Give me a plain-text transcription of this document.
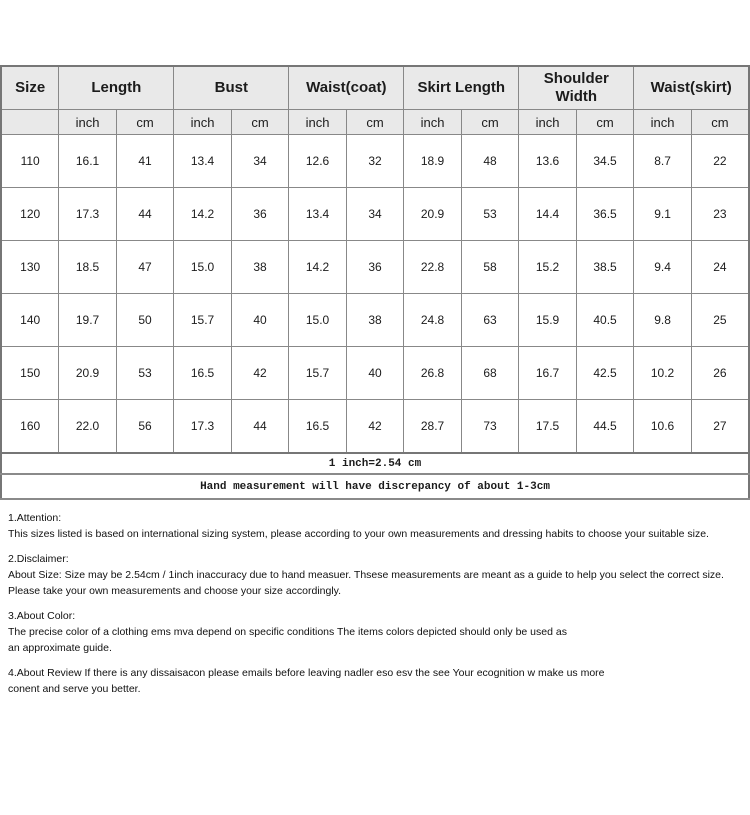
Size	Length		Bust		Waist(coat)		Skirt Length		Shoulder Width		Waist(skirt)	
	inch	cm	inch	cm	inch	cm	inch	cm	inch	cm	inch	cm
110	16.1	41	13.4	34	12.6	32	18.9	48	13.6	34.5	8.7	22
120	17.3	44	14.2	36	13.4	34	20.9	53	14.4	36.5	9.1	23
130	18.5	47	15.0	38	14.2	36	22.8	58	15.2	38.5	9.4	24
140	19.7	50	15.7	40	15.0	38	24.8	63	15.9	40.5	9.8	25
150	20.9	53	16.5	42	15.7	40	26.8	68	16.7	42.5	10.2	26
160	22.0	56	17.3	44	16.5	42	28.7	73	17.5	44.5	10.6	27
1 inch=2.54 cm												
Hand measurement will have discrepancy of about 1-3cm												
1.Attention:
This sizes listed is based on international sizing system, please according to your own measurements and dressing habits to choose your suitable size.
2.Disclaimer:
About Size: Size may be 2.54cm / 1inch inaccuracy due to hand measuer. Thsese measurements are meant as a guide to help you select the correct size.
Please take your own measurements and choose your size accordingly.
3.About Color:
The precise color of a clothing ems mva depend on specific conditions The items colors depicted should only be used as
an approximate guide.
4.About Review If there is any dissaisacon please emails before leaving nadler eso esv the see Your ecognition w make us more
conent and serve you better.
